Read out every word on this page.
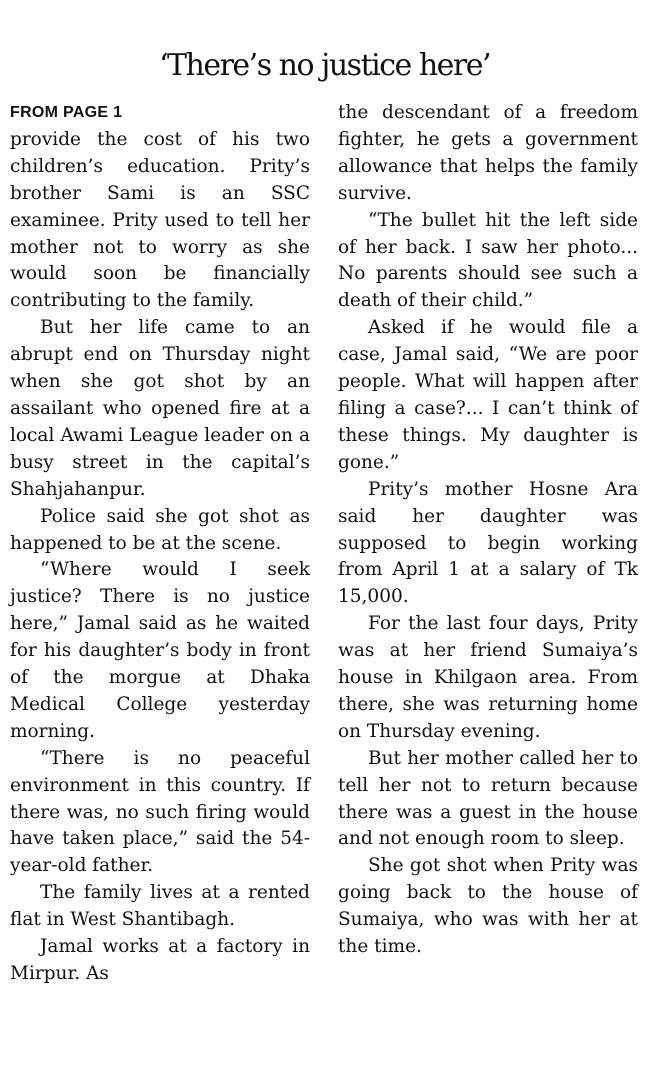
‘There’s no justice here’
FROM PAGE 1
provide the cost of his two children’s education. Prity’s brother Sami is an SSC examinee. Prity used to tell her mother not to worry as she would soon be financially contributing to the family.
But her life came to an abrupt end on Thursday night when she got shot by an assailant who opened fire at a local Awami League leader on a busy street in the capital’s Shahjahanpur.
Police said she got shot as happened to be at the scene.
“Where would I seek justice? There is no justice here,” Jamal said as he waited for his daughter’s body in front of the morgue at Dhaka Medical College yesterday morning.
“There is no peaceful environment in this country. If there was, no such firing would have taken place,” said the 54-year-old father.
The family lives at a rented flat in West Shantibagh.
Jamal works at a factory in Mirpur. As
the descendant of a freedom fighter, he gets a government allowance that helps the family survive.
“The bullet hit the left side of her back. I saw her photo... No parents should see such a death of their child.”
Asked if he would file a case, Jamal said, “We are poor people. What will happen after filing a case?... I can’t think of these things. My daughter is gone.”
Prity’s mother Hosne Ara said her daughter was supposed to begin working from April 1 at a salary of Tk 15,000.
For the last four days, Prity was at her friend Sumaiya’s house in Khilgaon area. From there, she was returning home on Thursday evening.
But her mother called her to tell her not to return because there was a guest in the house and not enough room to sleep.
She got shot when Prity was going back to the house of Sumaiya, who was with her at the time.
